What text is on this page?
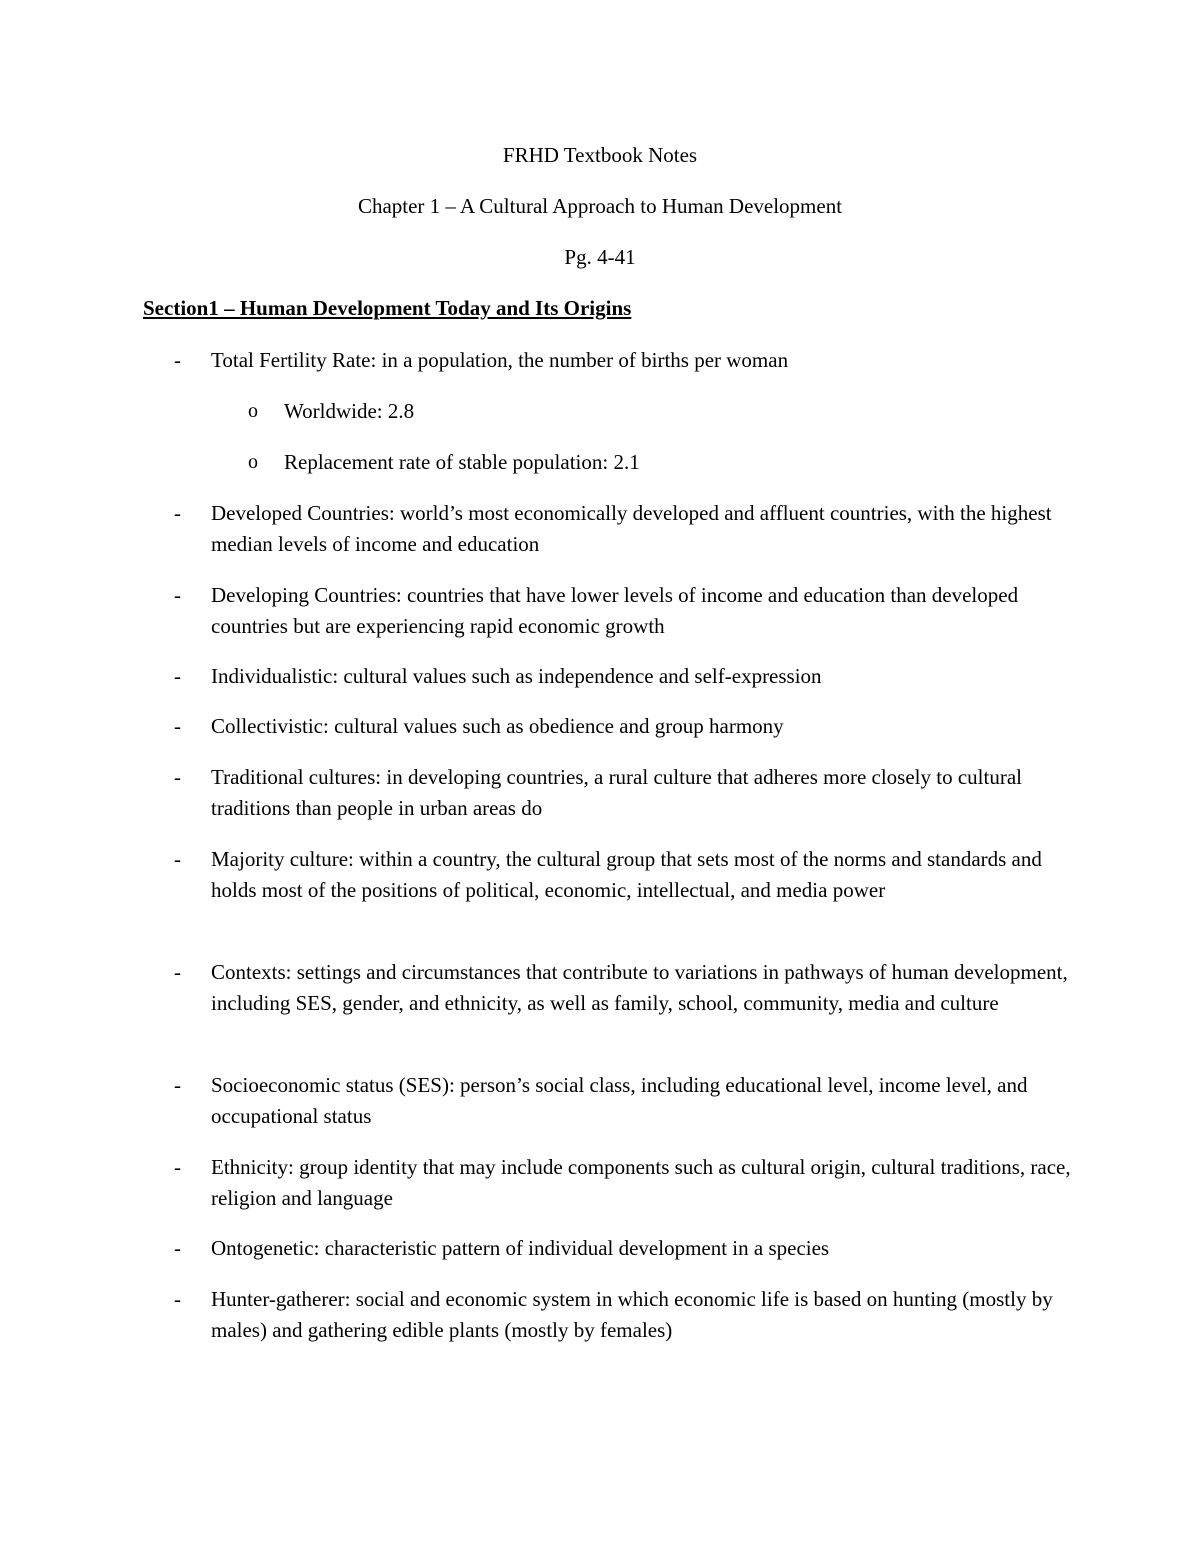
FRHD Textbook Notes
Chapter 1 – A Cultural Approach to Human Development
Pg. 4-41
Section1 – Human Development Today and Its Origins
- Total Fertility Rate: in a population, the number of births per woman
o Worldwide: 2.8
o Replacement rate of stable population: 2.1
- Developed Countries: world’s most economically developed and affluent countries, with the highest median levels of income and education
- Developing Countries: countries that have lower levels of income and education than developed countries but are experiencing rapid economic growth
- Individualistic: cultural values such as independence and self-expression
- Collectivistic: cultural values such as obedience and group harmony
- Traditional cultures: in developing countries, a rural culture that adheres more closely to cultural traditions than people in urban areas do
- Majority culture: within a country, the cultural group that sets most of the norms and standards and holds most of the positions of political, economic, intellectual, and media power
- Contexts: settings and circumstances that contribute to variations in pathways of human development, including SES, gender, and ethnicity, as well as family, school, community, media and culture
- Socioeconomic status (SES): person’s social class, including educational level, income level, and occupational status
- Ethnicity: group identity that may include components such as cultural origin, cultural traditions, race, religion and language
- Ontogenetic: characteristic pattern of individual development in a species
- Hunter-gatherer: social and economic system in which economic life is based on hunting (mostly by males) and gathering edible plants (mostly by females)
